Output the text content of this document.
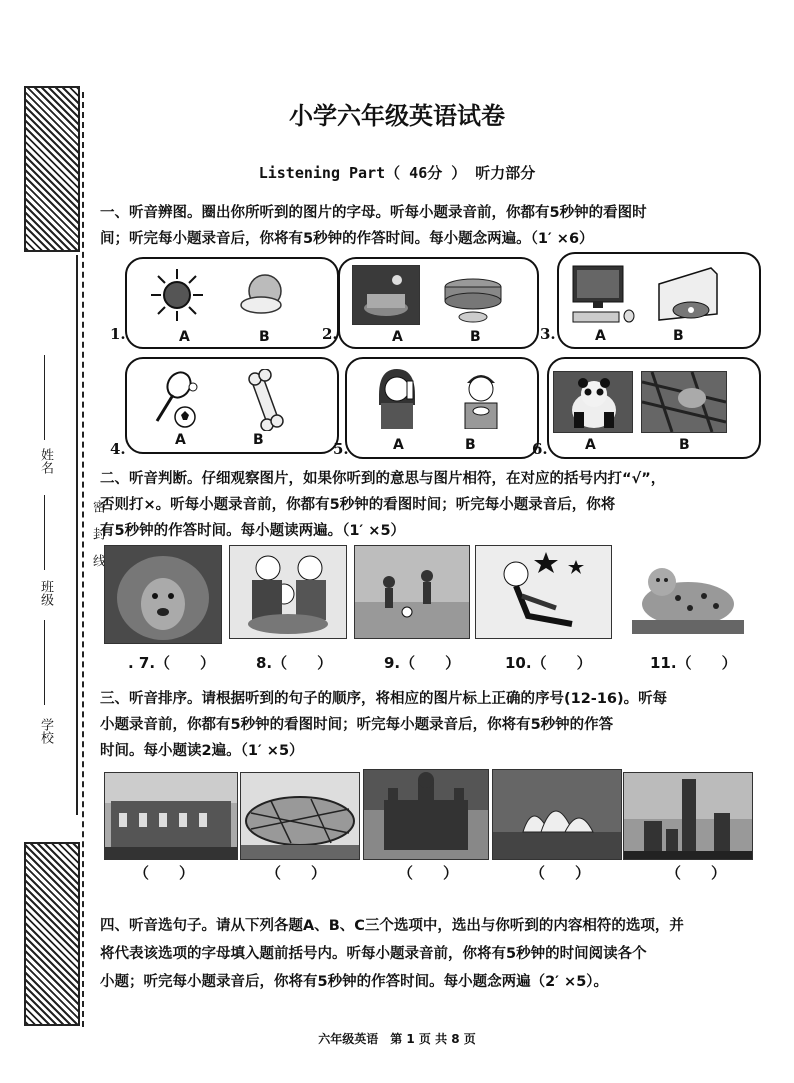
姓名
班级
学校
密封线
小学六年级英语试卷
Listening Part（ 46分 ） 听力部分
一、听音辨图。圈出你所听到的图片的字母。听每小题录音前，你都有5秒钟的看图时
间；听完每小题录音后，你将有5秒钟的作答时间。每小题念两遍。（1′ ×6）
A	B
1.	A	B
2.	A	B
3.
A	B
4.	A	B
5.	A	B
6.
二、听音判断。仔细观察图片，如果你听到的意思与图片相符，在对应的括号内打“√”，
否则打×。听每小题录音前，你都有5秒钟的看图时间；听完每小题录音后，你将
有5秒钟的作答时间。每小题读两遍。（1′ ×5）
. 7.（　　）	8.（　　）	9.（　　）	10.（　　）	11.（　　）
三、听音排序。请根据听到的句子的顺序，将相应的图片标上正确的序号(12-16)。听每
小题录音前，你都有5秒钟的看图时间；听完每小题录音后，你将有5秒钟的作答
时间。每小题读2遍。（1′ ×5）
（　　）	（　　）	（　　）	（　　）	（　　）
四、听音选句子。请从下列各题A、B、C三个选项中，选出与你听到的内容相符的选项，并
将代表该选项的字母填入题前括号内。听每小题录音前，你将有5秒钟的时间阅读各个
小题；听完每小题录音后，你将有5秒钟的作答时间。每小题念两遍（2′ ×5）。
六年级英语　第 1 页 共 8 页
